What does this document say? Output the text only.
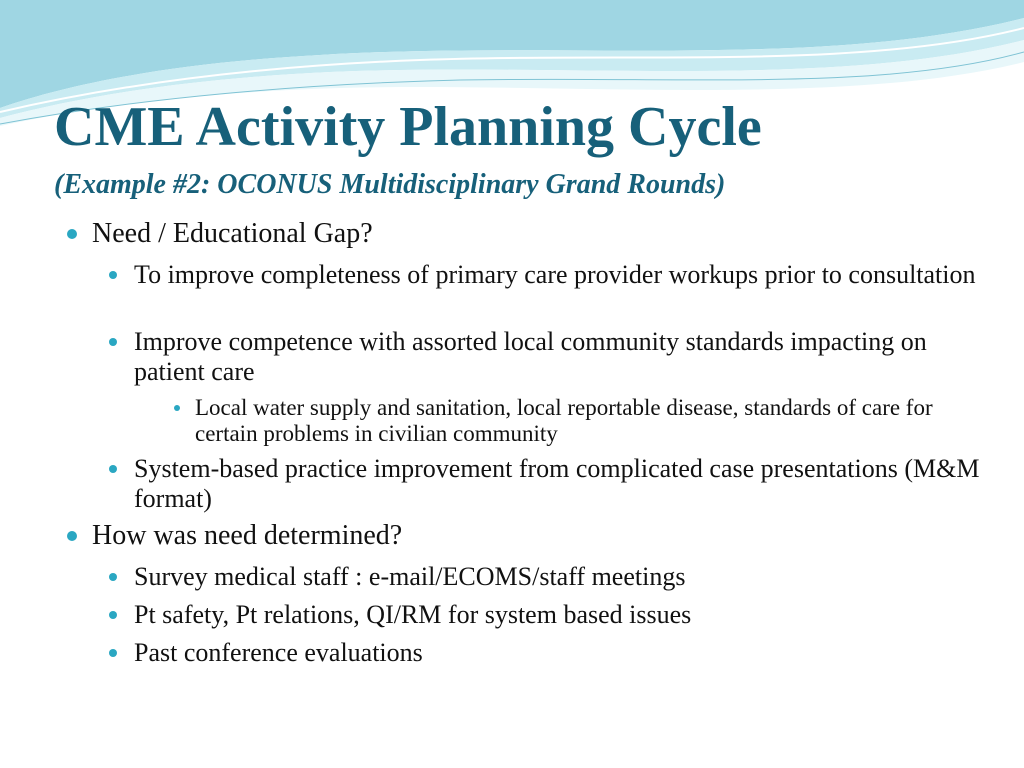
CME Activity Planning Cycle
(Example #2: OCONUS Multidisciplinary Grand Rounds)
Need / Educational Gap?
To improve completeness of primary care provider workups prior to consultation
Improve competence with assorted local community standards impacting on patient care
Local water supply and sanitation, local reportable disease, standards of care for certain problems in civilian community
System-based practice improvement from complicated case presentations (M&M format)
How was need determined?
Survey medical staff : e-mail/ECOMS/staff meetings
Pt safety, Pt relations, QI/RM for system based issues
Past conference evaluations
